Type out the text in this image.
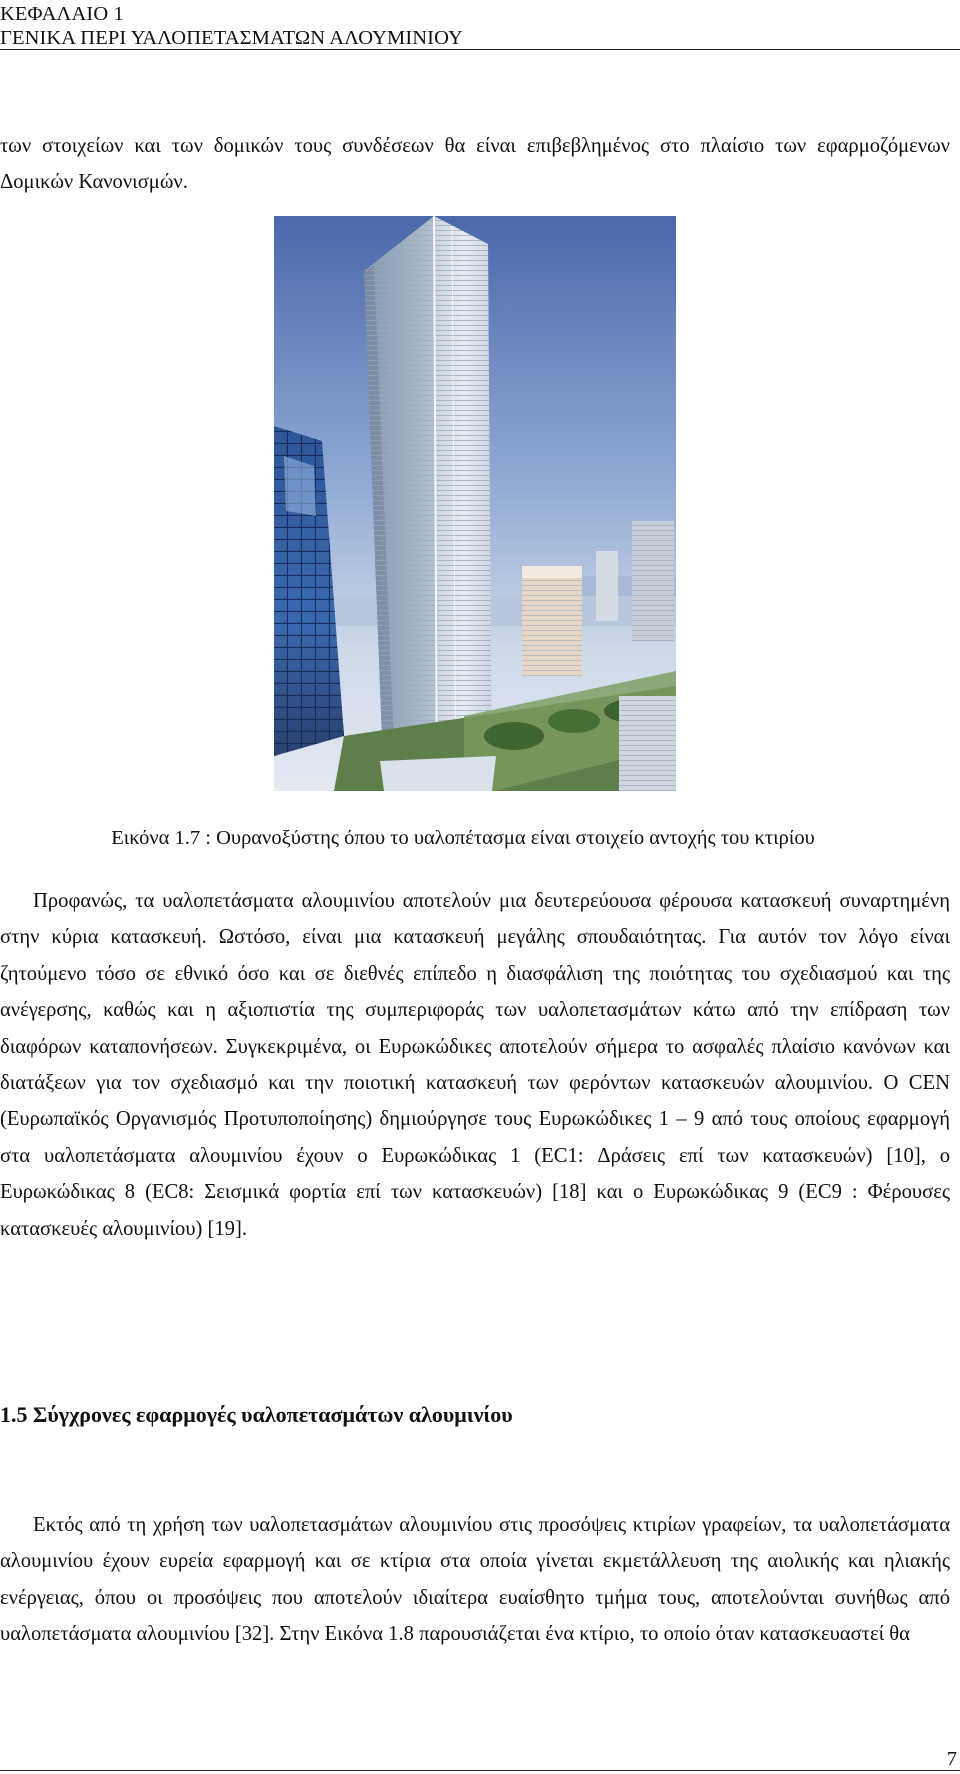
ΚΕΦΑΛΑΙΟ 1
ΓΕΝΙΚΑ ΠΕΡΙ ΥΑΛΟΠΕΤΑΣΜΑΤΩΝ ΑΛΟΥΜΙΝΙΟΥ

των στοιχείων και των δομικών τους συνδέσεων θα είναι επιβεβλημένος στο πλαίσιο των εφαρμοζόμενων Δομικών Κανονισμών.

Εικόνα 1.7 : Ουρανοξύστης όπου το υαλοπέτασμα είναι στοιχείο αντοχής του κτιρίου

Προφανώς, τα υαλοπετάσματα αλουμινίου αποτελούν μια δευτερεύουσα φέρουσα κατασκευή συναρτημένη στην κύρια κατασκευή. Ωστόσο, είναι μια κατασκευή μεγάλης σπουδαιότητας. Για αυτόν τον λόγο είναι ζητούμενο τόσο σε εθνικό όσο και σε διεθνές επίπεδο η διασφάλιση της ποιότητας του σχεδιασμού και της ανέγερσης, καθώς και η αξιοπιστία της συμπεριφοράς των υαλοπετασμάτων κάτω από την επίδραση των διαφόρων καταπονήσεων. Συγκεκριμένα, οι Ευρωκώδικες αποτελούν σήμερα το ασφαλές πλαίσιο κανόνων και διατάξεων για τον σχεδιασμό και την ποιοτική κατασκευή των φερόντων κατασκευών αλουμινίου. Ο CEN (Ευρωπαϊκός Οργανισμός Προτυποποίησης) δημιούργησε τους Ευρωκώδικες 1 – 9 από τους οποίους εφαρμογή στα υαλοπετάσματα αλουμινίου έχουν ο Ευρωκώδικας 1 (EC1: Δράσεις επί των κατασκευών) [10], ο Ευρωκώδικας 8 (EC8: Σεισμικά φορτία επί των κατασκευών) [18] και ο Ευρωκώδικας 9 (EC9 : Φέρουσες κατασκευές αλουμινίου) [19].

1.5 Σύγχρονες εφαρμογές υαλοπετασμάτων αλουμινίου

Εκτός από τη χρήση των υαλοπετασμάτων αλουμινίου στις προσόψεις κτιρίων γραφείων, τα υαλοπετάσματα αλουμινίου έχουν ευρεία εφαρμογή και σε κτίρια στα οποία γίνεται εκμετάλλευση της αιολικής και ηλιακής ενέργειας, όπου οι προσόψεις που αποτελούν ιδιαίτερα ευαίσθητο τμήμα τους, αποτελούνται συνήθως από υαλοπετάσματα αλουμινίου [32]. Στην Εικόνα 1.8 παρουσιάζεται ένα κτίριο, το οποίο όταν κατασκευαστεί θα

7
